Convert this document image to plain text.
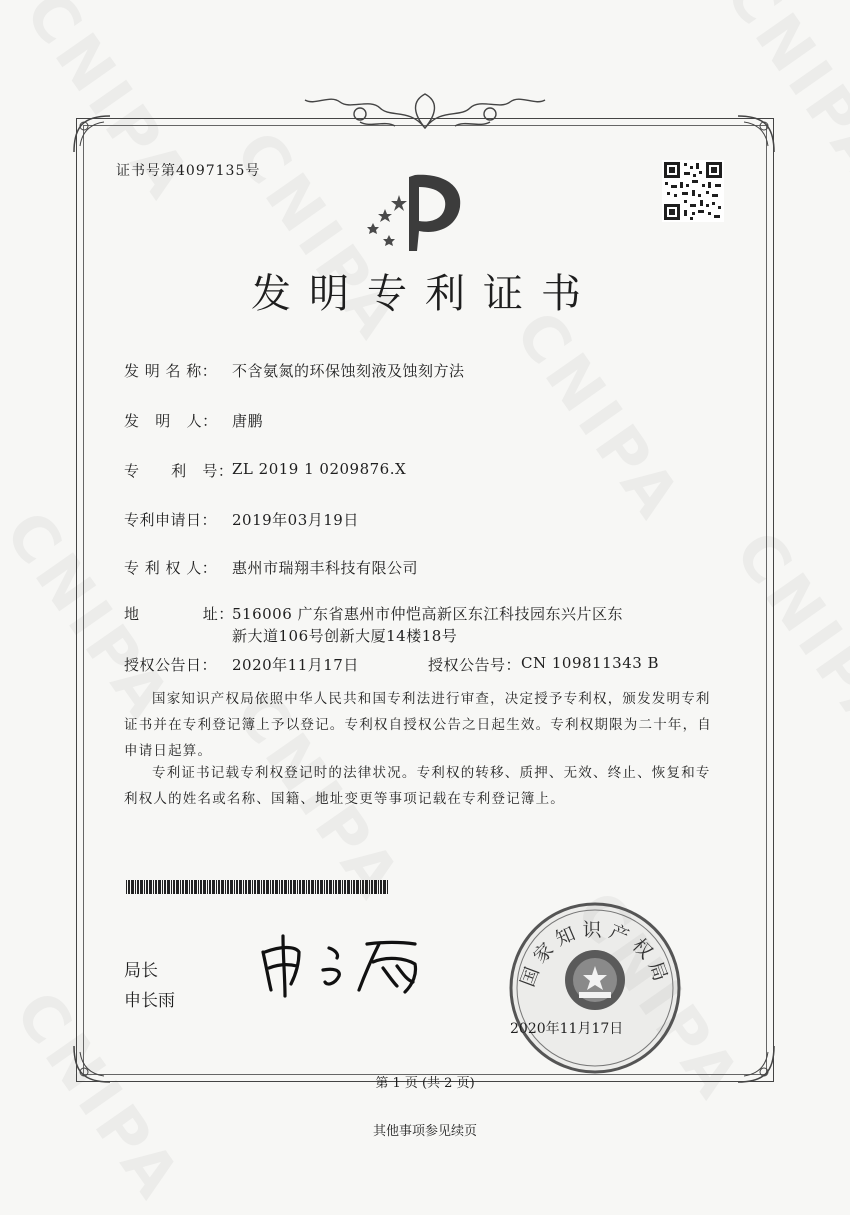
证书号第4097135号
发明专利证书
发 明 名 称： 不含氨氮的环保蚀刻液及蚀刻方法
发   明   人： 唐鹏
专      利   号：
ZL 2019 1 0209876.X
专利申请日： 2019年03月19日
专 利 权 人： 惠州市瑞翔丰科技有限公司
地            址：
516006 广东省惠州市仲恺高新区东江科技园东兴片区东
新大道106号创新大厦14楼18号
授权公告日： 2020年11月17日	授权公告号： CN 109811343 B
国家知识产权局依照中华人民共和国专利法进行审查，决定授予专利权，颁发发明专利证书并在专利登记簿上予以登记。专利权自授权公告之日起生效。专利权期限为二十年，自申请日起算。
专利证书记载专利权登记时的法律状况。专利权的转移、质押、无效、终止、恢复和专利权人的姓名或名称、国籍、地址变更等事项记载在专利登记簿上。
局长
申长雨
国家知识产权局
2020年11月17日
第 1 页 (共 2 页)
其他事项参见续页
